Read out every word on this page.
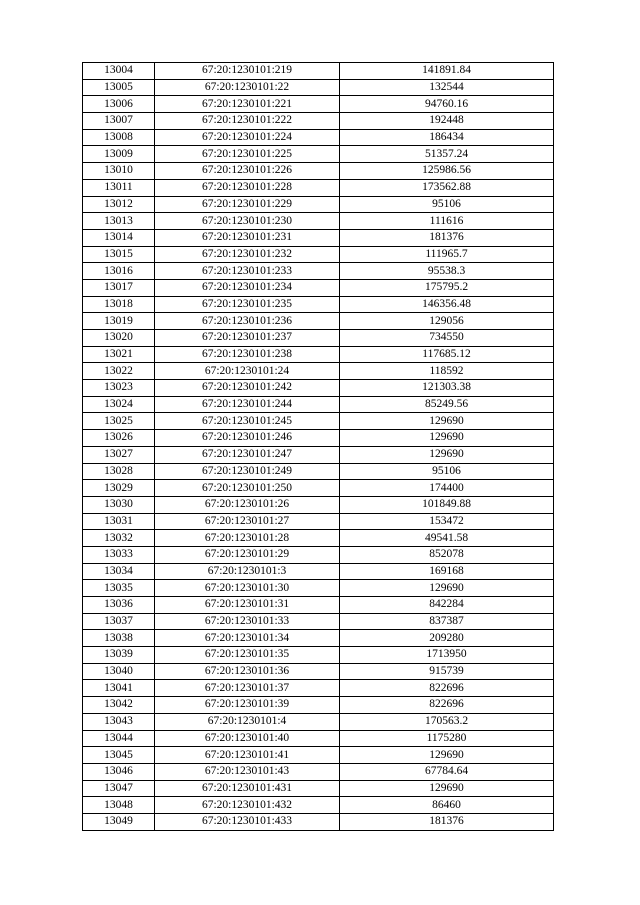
13004	67:20:1230101:219	141891.84
13005	67:20:1230101:22	132544
13006	67:20:1230101:221	94760.16
13007	67:20:1230101:222	192448
13008	67:20:1230101:224	186434
13009	67:20:1230101:225	51357.24
13010	67:20:1230101:226	125986.56
13011	67:20:1230101:228	173562.88
13012	67:20:1230101:229	95106
13013	67:20:1230101:230	111616
13014	67:20:1230101:231	181376
13015	67:20:1230101:232	111965.7
13016	67:20:1230101:233	95538.3
13017	67:20:1230101:234	175795.2
13018	67:20:1230101:235	146356.48
13019	67:20:1230101:236	129056
13020	67:20:1230101:237	734550
13021	67:20:1230101:238	117685.12
13022	67:20:1230101:24	118592
13023	67:20:1230101:242	121303.38
13024	67:20:1230101:244	85249.56
13025	67:20:1230101:245	129690
13026	67:20:1230101:246	129690
13027	67:20:1230101:247	129690
13028	67:20:1230101:249	95106
13029	67:20:1230101:250	174400
13030	67:20:1230101:26	101849.88
13031	67:20:1230101:27	153472
13032	67:20:1230101:28	49541.58
13033	67:20:1230101:29	852078
13034	67:20:1230101:3	169168
13035	67:20:1230101:30	129690
13036	67:20:1230101:31	842284
13037	67:20:1230101:33	837387
13038	67:20:1230101:34	209280
13039	67:20:1230101:35	1713950
13040	67:20:1230101:36	915739
13041	67:20:1230101:37	822696
13042	67:20:1230101:39	822696
13043	67:20:1230101:4	170563.2
13044	67:20:1230101:40	1175280
13045	67:20:1230101:41	129690
13046	67:20:1230101:43	67784.64
13047	67:20:1230101:431	129690
13048	67:20:1230101:432	86460
13049	67:20:1230101:433	181376
